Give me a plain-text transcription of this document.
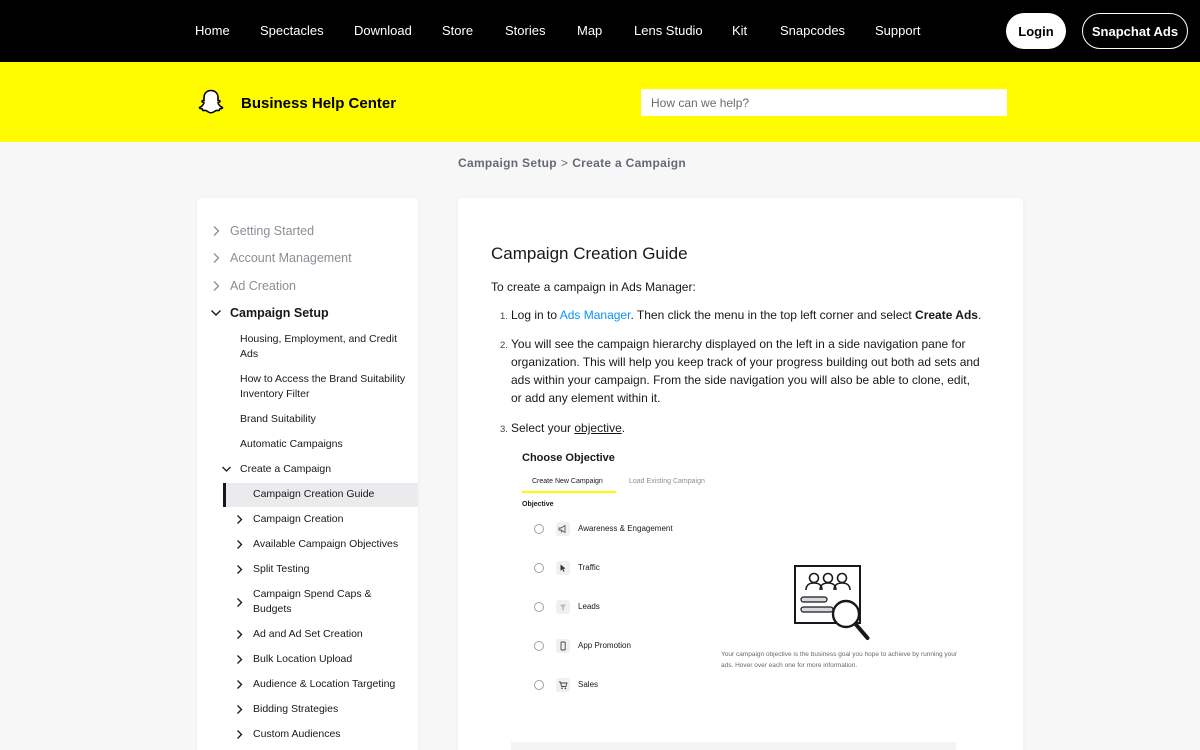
Home Spectacles Download Store Stories Map Lens Studio Kit	Snapcodes Support	Login	Snapchat Ads
Business Help Center
How can we help?
Campaign Setup > Create a Campaign
Getting Started
Account Management
Ad Creation
Campaign Setup
Housing, Employment, and Credit Ads
How to Access the Brand Suitability Inventory Filter
Brand Suitability
Automatic Campaigns
Create a Campaign
Campaign Creation Guide
Campaign Creation
Available Campaign Objectives
Split Testing
Campaign Spend Caps & Budgets
Ad and Ad Set Creation
Bulk Location Upload
Audience & Location Targeting
Bidding Strategies
Custom Audiences
Campaign Creation Guide
To create a campaign in Ads Manager:
1. Log in to Ads Manager. Then click the menu in the top left corner and select Create Ads.
2. You will see the campaign hierarchy displayed on the left in a side navigation pane for organization. This will help you keep track of your progress building out both ad sets and ads within your campaign. From the side navigation you will also be able to clone, edit, or add any element within it.
3. Select your objective.
Choose Objective
Create New Campaign	Load Existing Campaign
Objective
Awareness & Engagement
Traffic
Leads
App Promotion
Sales
Your campaign objective is the business goal you hope to achieve by running your ads. Hover over each one for more information.
